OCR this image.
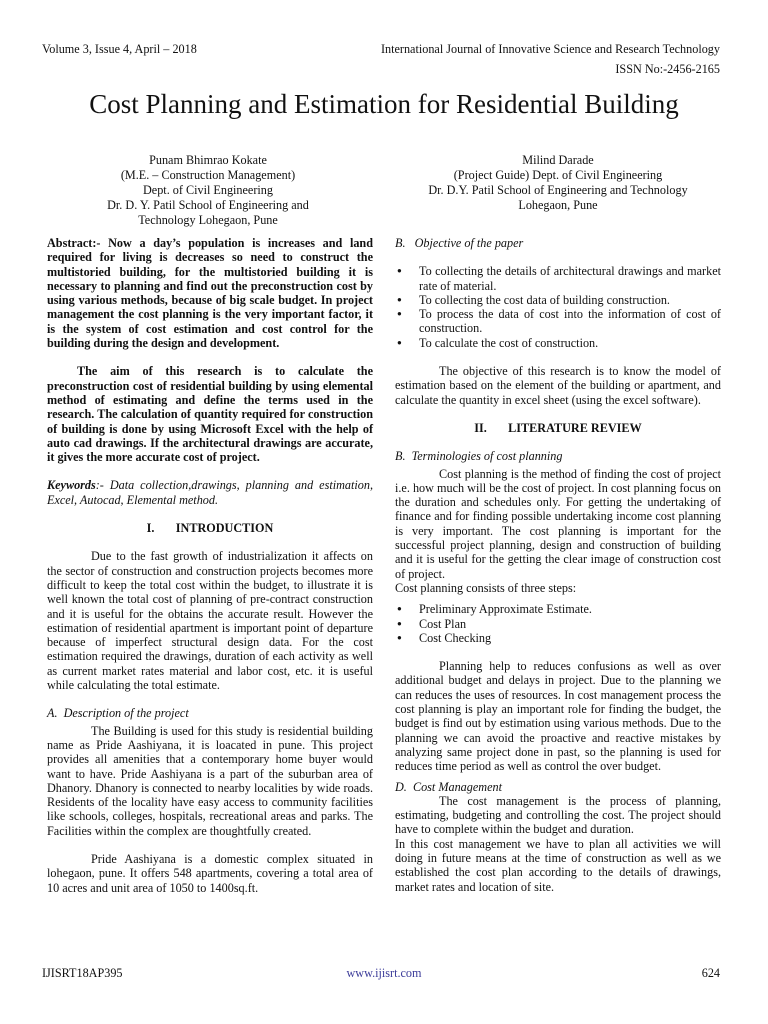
Volume 3, Issue 4, April – 2018	International Journal of Innovative Science and Research Technology
ISSN No:-2456-2165
Cost Planning and Estimation for Residential Building
Punam Bhimrao Kokate
(M.E. – Construction Management)
Dept. of Civil Engineering
Dr. D. Y. Patil School of Engineering and
Technology Lohegaon, Pune
Milind Darade
(Project Guide) Dept. of Civil Engineering
Dr. D.Y. Patil School of Engineering and Technology
Lohegaon, Pune

Abstract:- Now a day’s population is increases and land required for living is decreases so need to construct the multistoried building, for the multistoried building it is necessary to planning and find out the preconstruction cost by using various methods, because of big scale budget. In project management the cost planning is the very important factor, it is the system of cost estimation and cost control for the building during the design and development.

The aim of this research is to calculate the preconstruction cost of residential building by using elemental method of estimating and define the terms used in the research. The calculation of quantity required for construction of building is done by using Microsoft Excel with the help of auto cad drawings. If the architectural drawings are accurate, it gives the more accurate cost of project.

Keywords:- Data collection,drawings, planning and estimation, Excel, Autocad, Elemental method.

I.       INTRODUCTION

Due to the fast growth of industrialization it affects on the sector of construction and construction projects becomes more difficult to keep the total cost within the budget, to illustrate it is well known the total cost of planning of pre-contract construction and it is useful for the obtains the accurate result. However the estimation of residential apartment is important point of departure because of imperfect structural design data. For the cost estimation required the drawings, duration of each activity as well as current market rates material and labor cost, etc. it is useful while calculating the total estimate.

A.  Description of the project

The Building is used for this study is residential building name as Pride Aashiyana, it is loacated in pune. This project provides all amenities that a contemporary home buyer would want to have. Pride Aashiyana is a part of the suburban area of Dhanory. Dhanory is connected to nearby localities by wide roads. Residents of the locality have easy access to community facilities like schools, colleges, hospitals, recreational areas and parks. The Facilities within the complex are thoughtfully created.

Pride Aashiyana is a domestic complex situated in lohegaon, pune. It offers 548 apartments, covering a total area of 10 acres and unit area of 1050 to 1400sq.ft.

B.   Objective of the paper

● To collecting the details of architectural drawings and market rate of material.
● To collecting the cost data of building construction.
● To process the data of cost into the information of cost of construction.
● To calculate the cost of construction.

The objective of this research is to know the model of estimation based on the element of the building or apartment, and calculate the quantity in excel sheet (using the excel software).

II.       LITERATURE REVIEW

B.  Terminologies of cost planning

Cost planning is the method of finding the cost of project i.e. how much will be the cost of project. In cost planning focus on the duration and schedules only. For getting the undertaking of finance and for finding possible undertaking income cost planning is very important. The cost planning is important for the successful project planning, design and construction of building and it is useful for the getting the clear image of construction cost of project.

Cost planning consists of three steps:

● Preliminary Approximate Estimate.
● Cost Plan
● Cost Checking

Planning help to reduces confusions as well as over additional budget and delays in project. Due to the planning we can reduces the uses of resources. In cost management process the cost planning is play an important role for finding the budget, the budget is find out by estimation using various methods. Due to the planning we can avoid the proactive and reactive mistakes by analyzing same project done in past, so the planning is used for reduces time period as well as control the over budget.

D.  Cost Management

The cost management is the process of planning, estimating, budgeting and controlling the cost. The project should have to complete within the budget and duration.

In this cost management we have to plan all activities we will doing in future means at the time of construction as well as we established the cost plan according to the details of drawings, market rates and location of site.

IJISRT18AP395	www.ijisrt.com	624
